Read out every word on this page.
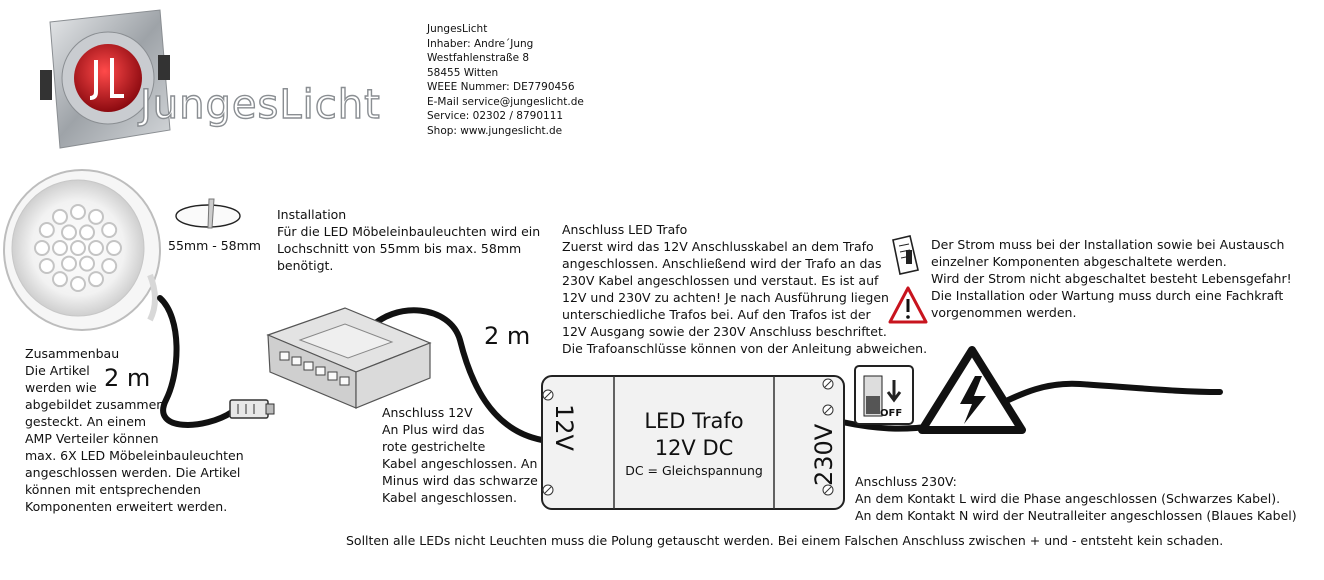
JungesLicht
JungesLicht
Inhaber: Andre´Jung
Westfahlenstraße 8
58455 Witten
WEEE Nummer: DE7790456
E-Mail service@jungeslicht.de
Service: 02302 / 8790111
Shop: www.jungeslicht.de
55mm - 58mm
Installation
Für die LED Möbeleinbauleuchten wird ein
Lochschnitt von 55mm bis max. 58mm
benötigt.
Zusammenbau
Die Artikel
werden wie
abgebildet zusammen
gesteckt. An einem
AMP Verteiler können
max. 6X LED Möbeleinbauleuchten
angeschlossen werden. Die Artikel
können mit entsprechenden
Komponenten erweitert werden.
2 m
2 m
Anschluss LED Trafo
Zuerst wird das 12V Anschlusskabel an dem Trafo
angeschlossen. Anschließend wird der Trafo an das
230V Kabel angeschlossen und verstaut. Es ist auf
12V und 230V zu achten! Je nach Ausführung liegen
unterschiedliche Trafos bei. Auf den Trafos ist der
12V Ausgang sowie der 230V Anschluss beschriftet.
Die Trafoanschlüsse können von der Anleitung abweichen.
Der Strom muss bei der Installation sowie bei Austausch
einzelner Komponenten abgeschaltete werden.
Wird der Strom nicht abgeschaltet besteht Lebensgefahr!
Die Installation oder Wartung muss durch eine Fachkraft
vorgenommen werden.
Anschluss 12V
An Plus wird das
rote gestrichelte
Kabel angeschlossen. An
Minus wird das schwarze
Kabel angeschlossen.
LED Trafo
12V DC
DC = Gleichspannung
12V	230V
OFF
Anschluss 230V:
An dem Kontakt L wird die Phase angeschlossen (Schwarzes Kabel).
An dem Kontakt N wird der Neutralleiter angeschlossen (Blaues Kabel)
Sollten alle LEDs nicht Leuchten muss die Polung getauscht werden. Bei einem Falschen Anschluss zwischen + und - entsteht kein schaden.
